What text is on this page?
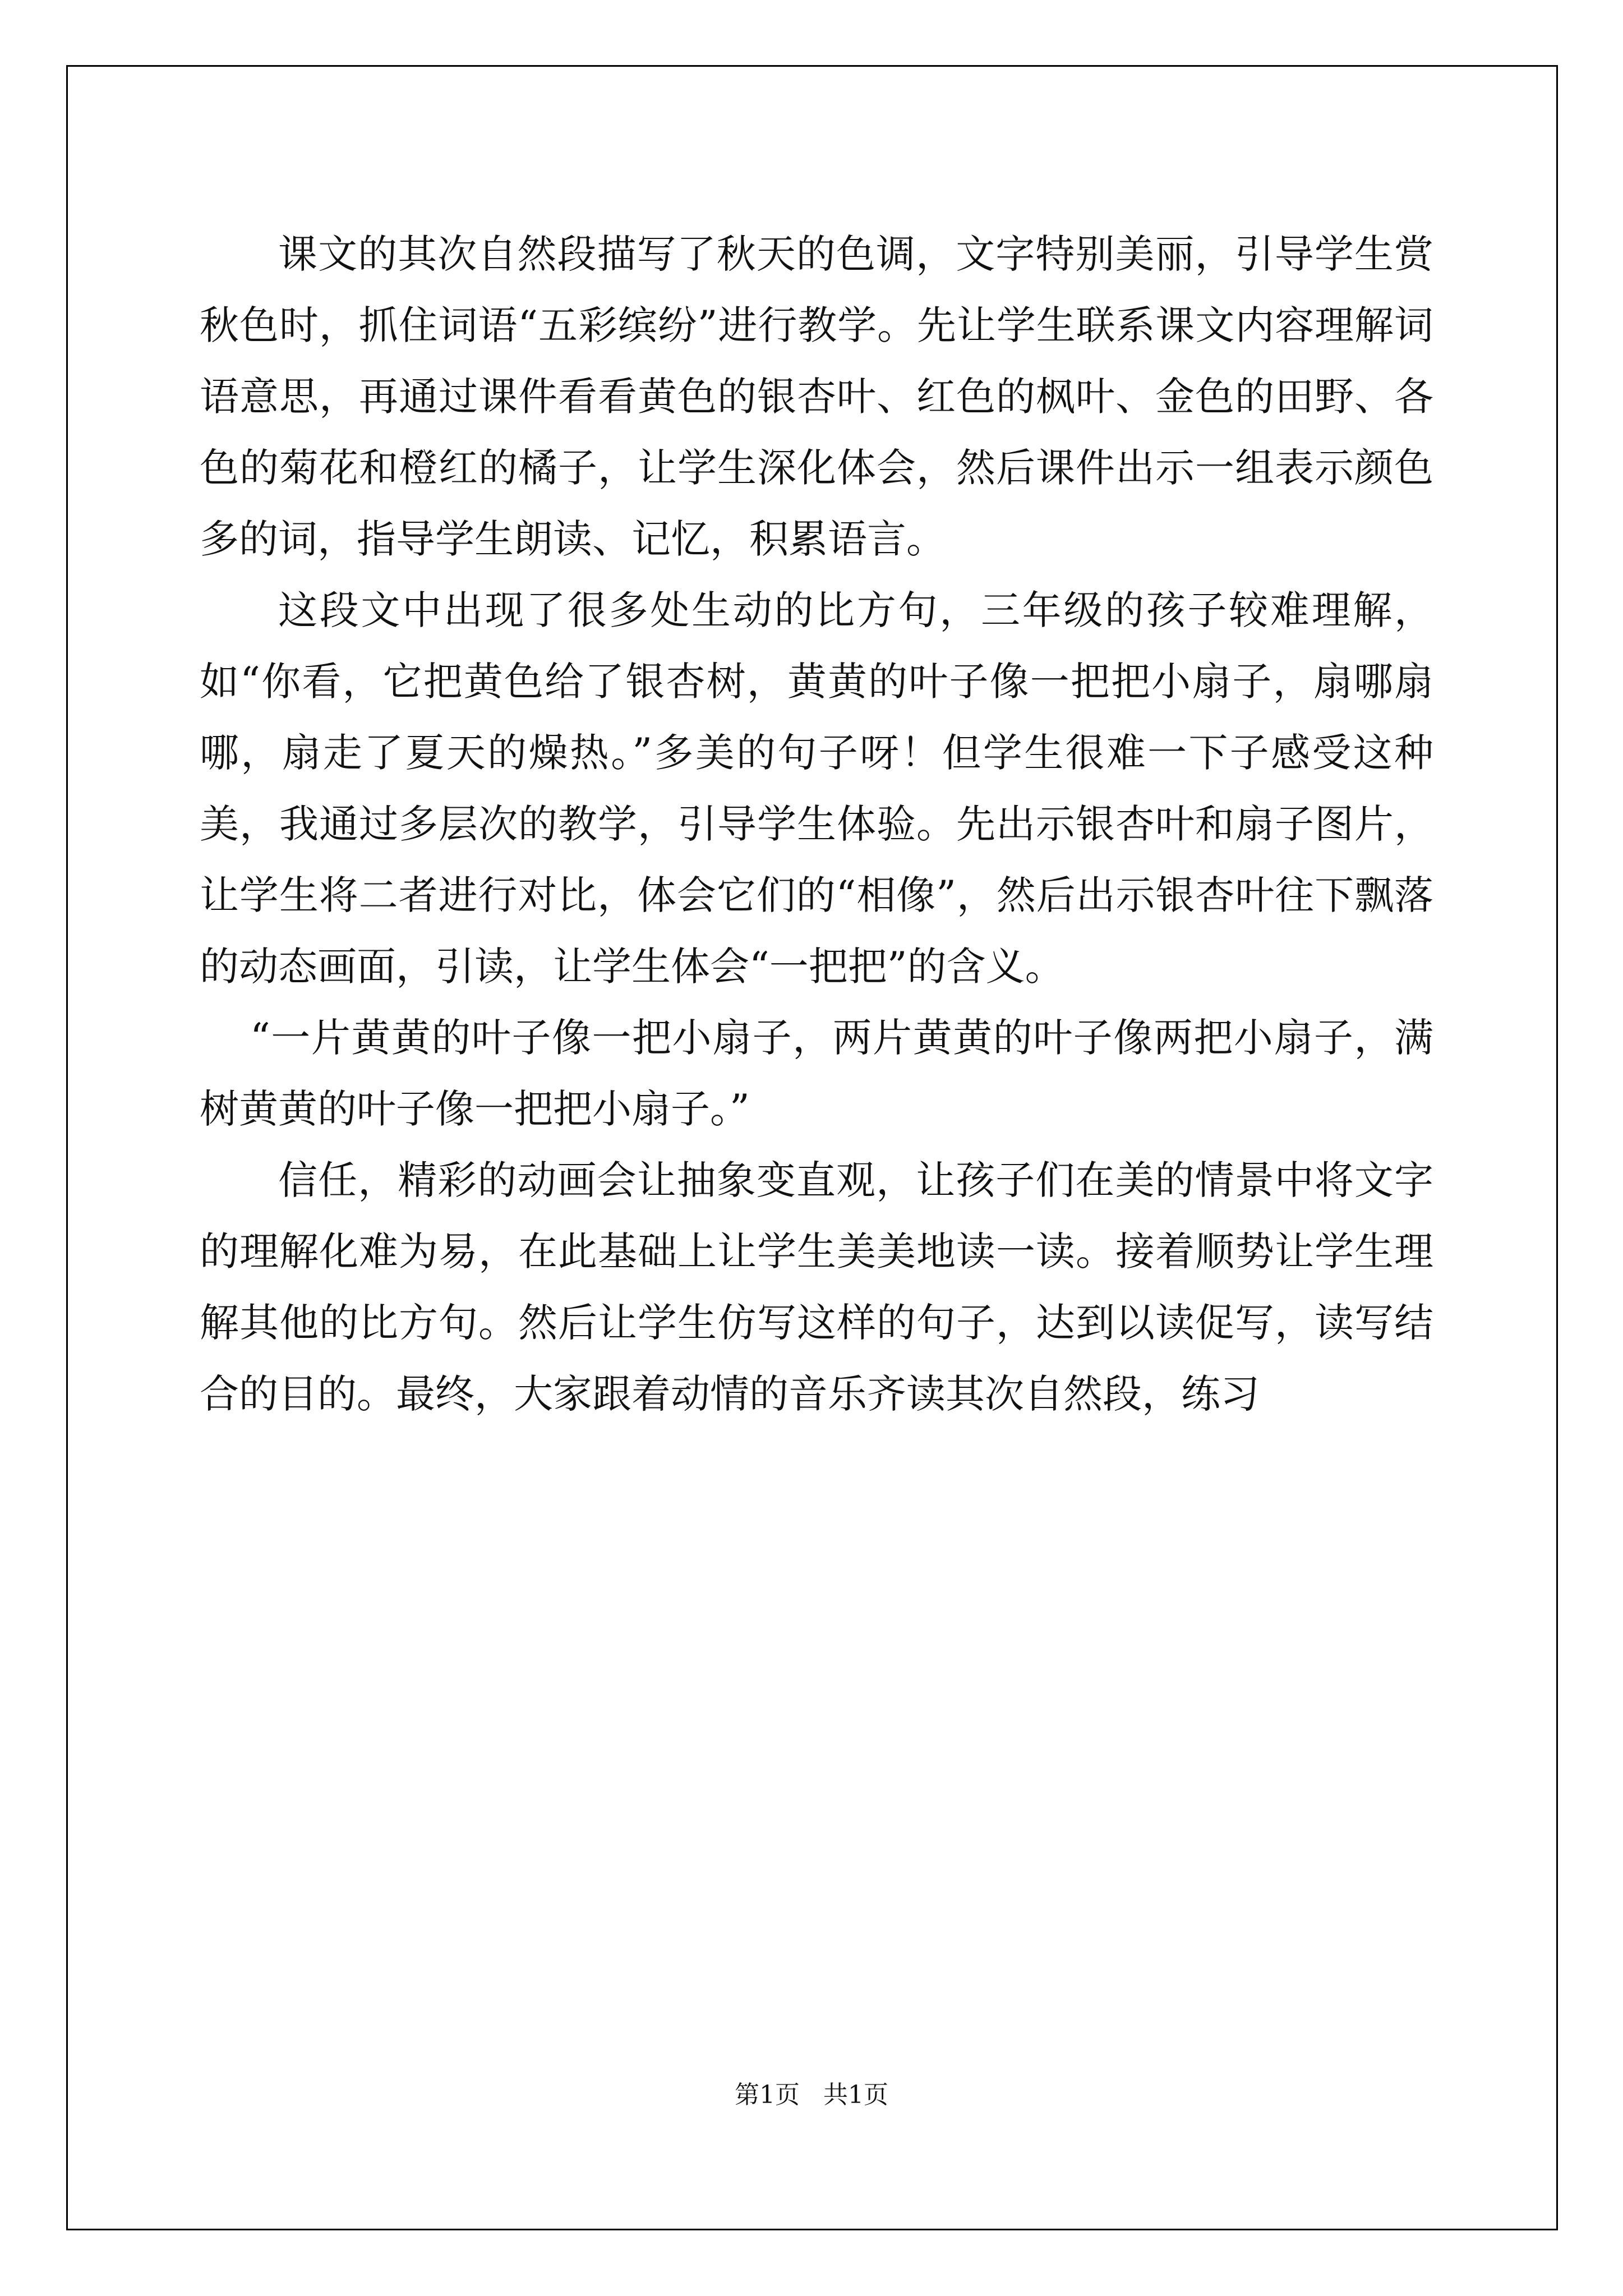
课文的其次自然段描写了秋天的色调，文字特别美丽，引导学生赏秋色时，抓住词语“五彩缤纷”进行教学。先让学生联系课文内容理解词语意思，再通过课件看看黄色的银杏叶、红色的枫叶、金色的田野、各色的菊花和橙红的橘子，让学生深化体会，然后课件出示一组表示颜色多的词，指导学生朗读、记忆，积累语言。

这段文中出现了很多处生动的比方句，三年级的孩子较难理解，如“你看，它把黄色给了银杏树，黄黄的叶子像一把把小扇子，扇哪扇哪，扇走了夏天的燥热。”多美的句子呀！但学生很难一下子感受这种美，我通过多层次的教学，引导学生体验。先出示银杏叶和扇子图片，让学生将二者进行对比，体会它们的“相像”，然后出示银杏叶往下飘落的动态画面，引读，让学生体会“一把把”的含义。

“一片黄黄的叶子像一把小扇子，两片黄黄的叶子像两把小扇子，满树黄黄的叶子像一把把小扇子。”

信任，精彩的动画会让抽象变直观，让孩子们在美的情景中将文字的理解化难为易，在此基础上让学生美美地读一读。接着顺势让学生理解其他的比方句。然后让学生仿写这样的句子，达到以读促写，读写结合的目的。最终，大家跟着动情的音乐齐读其次自然段，练习

第1页   共1页
